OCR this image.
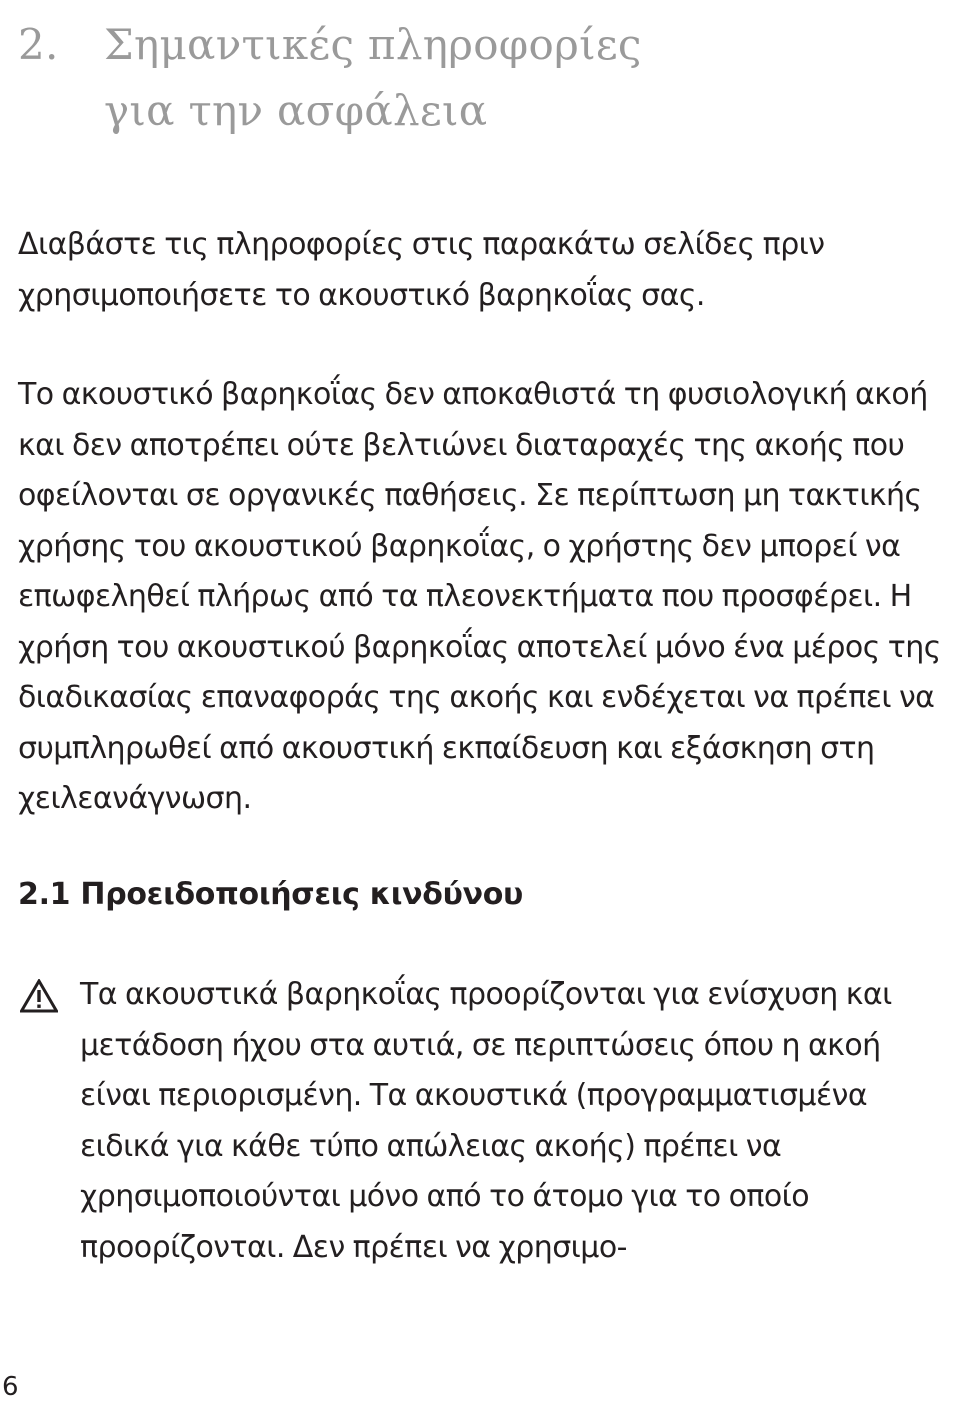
2. Σημαντικές πληροφορίες
για την ασφάλεια

Διαβάστε τις πληροφορίες στις παρακάτω σελίδες πριν χρησιμοποιήσετε το ακουστικό βαρηκοΐας σας.

Το ακουστικό βαρηκοΐας δεν αποκαθιστά τη φυσιολογική ακοή και δεν αποτρέπει ούτε βελτιώνει διαταραχές της ακοής που οφείλονται σε οργανικές παθήσεις. Σε περίπτωση μη τακτικής χρήσης του ακουστικού βαρηκοΐας, ο χρήστης δεν μπορεί να επωφεληθεί πλήρως από τα πλεονεκτήματα που προσφέρει. Η χρήση του ακουστικού βαρηκοΐας αποτελεί μόνο ένα μέρος της διαδικασίας επαναφοράς της ακοής και ενδέχεται να πρέπει να συμπληρωθεί από ακουστική εκπαίδευση και εξάσκηση στη χειλεανάγνωση.

2.1 Προειδοποιήσεις κινδύνου

Τα ακουστικά βαρηκοΐας προορίζονται για ενίσχυση και μετάδοση ήχου στα αυτιά, σε περιπτώσεις όπου η ακοή είναι περιορισμένη. Τα ακουστικά (προγραμματισμένα ειδικά για κάθε τύπο απώλειας ακοής) πρέπει να χρησιμοποιούνται μόνο από το άτομο για το οποίο προορίζονται. Δεν πρέπει να χρησιμο-

6
